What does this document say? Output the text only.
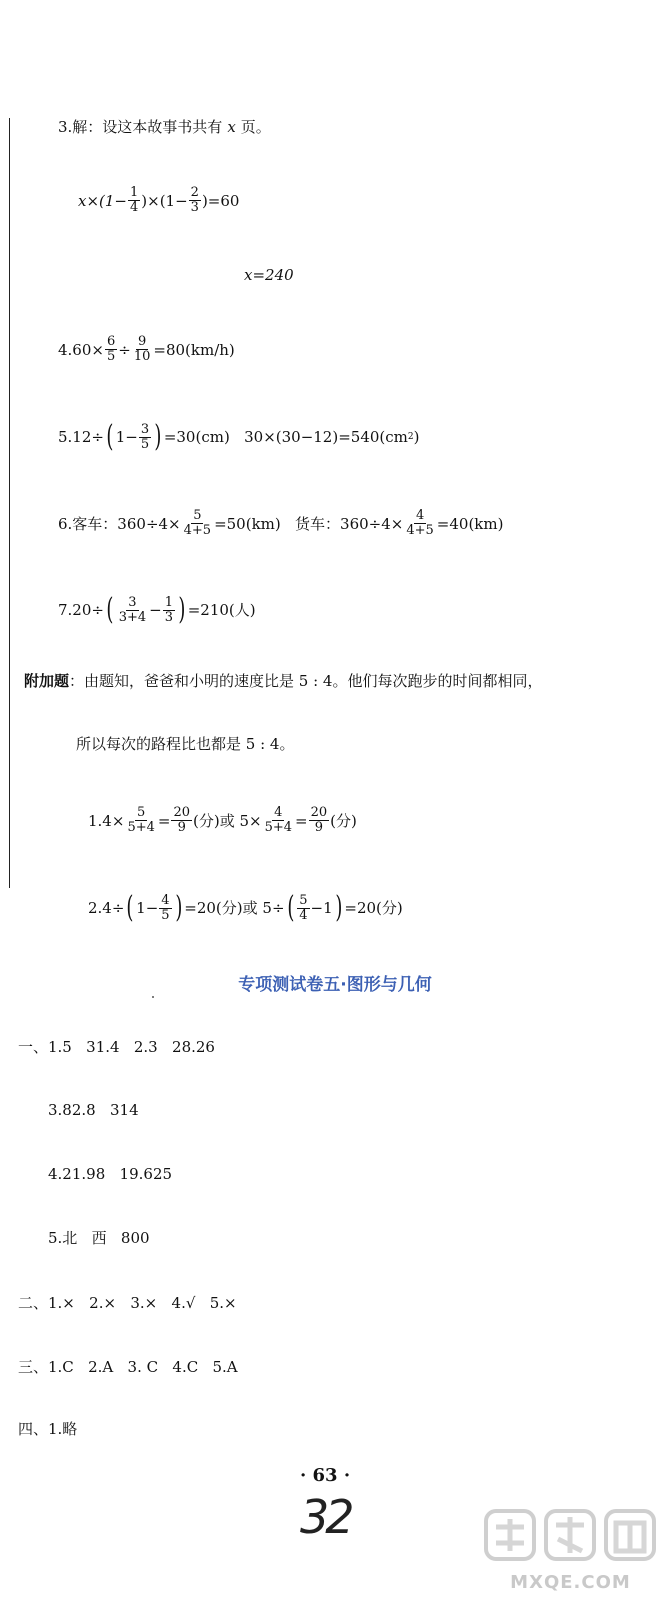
3.解：设这本故事书共有 x 页。
$x\times(1- \frac{1}{4} )\times(1- \frac{2}{3} )=60$
x=240
$4.60\times \frac{6}{5} \div \frac{9}{10} =80(km/h)$
5.12÷ ( $1- \frac{3}{5}$ ) =30(cm)   30×(30−12)=540(cm 2 )
6.客车：$360\div 4\times \frac{5}{4+5} =50(km)$   货车：$360\div 4\times \frac{4}{4+5} =40(km)$
7.20÷ ( $\frac{3}{3+4} - \frac{1}{3}$ ) =210(人)
附加题 ：由题知，爸爸和小明的速度比是 5 : 4。他们每次跑步的时间都相同，
所以每次的路程比也都是 5 : 4。
$1.4\times \frac{5}{5+4} = \frac{20}{9}$ (分)或 $5\times \frac{4}{5+4} = \frac{20}{9}$ (分)
2.4÷ ( $1- \frac{4}{5}$ ) =20(分)或 5÷ ( $\frac{5}{4} -1$ ) =20(分)
专项测试卷五·图形与几何
一、1.5   31.4   2.3   28.26
3.82.8   314
4.21.98   19.625
5.北   西   800
二、1.×   2.×   3.×   4.√   5.×
三、1.C   2.A   3. C   4.C   5.A
四、1.略
· 63 ·
32
MXQE.COM
